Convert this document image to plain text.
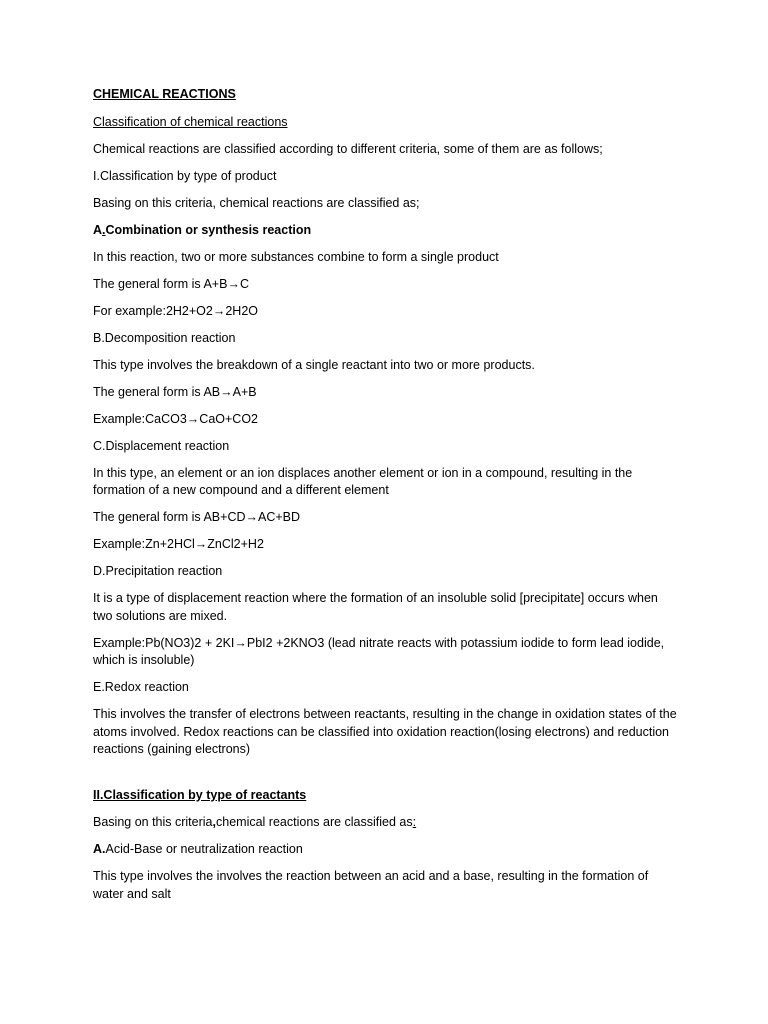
CHEMICAL REACTIONS

Classification of chemical reactions

Chemical reactions are classified according to different criteria, some of them are as follows;

I.Classification by type of product

Basing on this criteria, chemical reactions are classified as;

A.Combination or synthesis reaction

In this reaction, two or more substances combine to form a single product

The general form is A+B→C

For example:2H2+O2→2H2O

B.Decomposition reaction

This type involves the breakdown of a single reactant into two or more products.

The general form is AB→A+B

Example:CaCO3→CaO+CO2

C.Displacement reaction

In this type, an element or an ion displaces another element or ion in a compound, resulting in the formation of a new compound and a different element

The general form is AB+CD→AC+BD

Example:Zn+2HCl→ZnCl2+H2

D.Precipitation reaction

It is a type of displacement reaction where the formation of an insoluble solid [precipitate] occurs when two solutions are mixed.

Example:Pb(NO3)2 + 2KI→PbI2 +2KNO3 (lead nitrate reacts with potassium iodide to form lead iodide, which is insoluble)

E.Redox reaction

This involves the transfer of electrons between reactants, resulting in the change in oxidation states of the atoms involved. Redox reactions can be classified into oxidation reaction(losing electrons) and reduction reactions (gaining electrons)

II.Classification by type of reactants

Basing on this criteria,chemical reactions are classified as:

A.Acid-Base or neutralization reaction

This type involves the involves the reaction between an acid and a base, resulting in the formation of water and salt
